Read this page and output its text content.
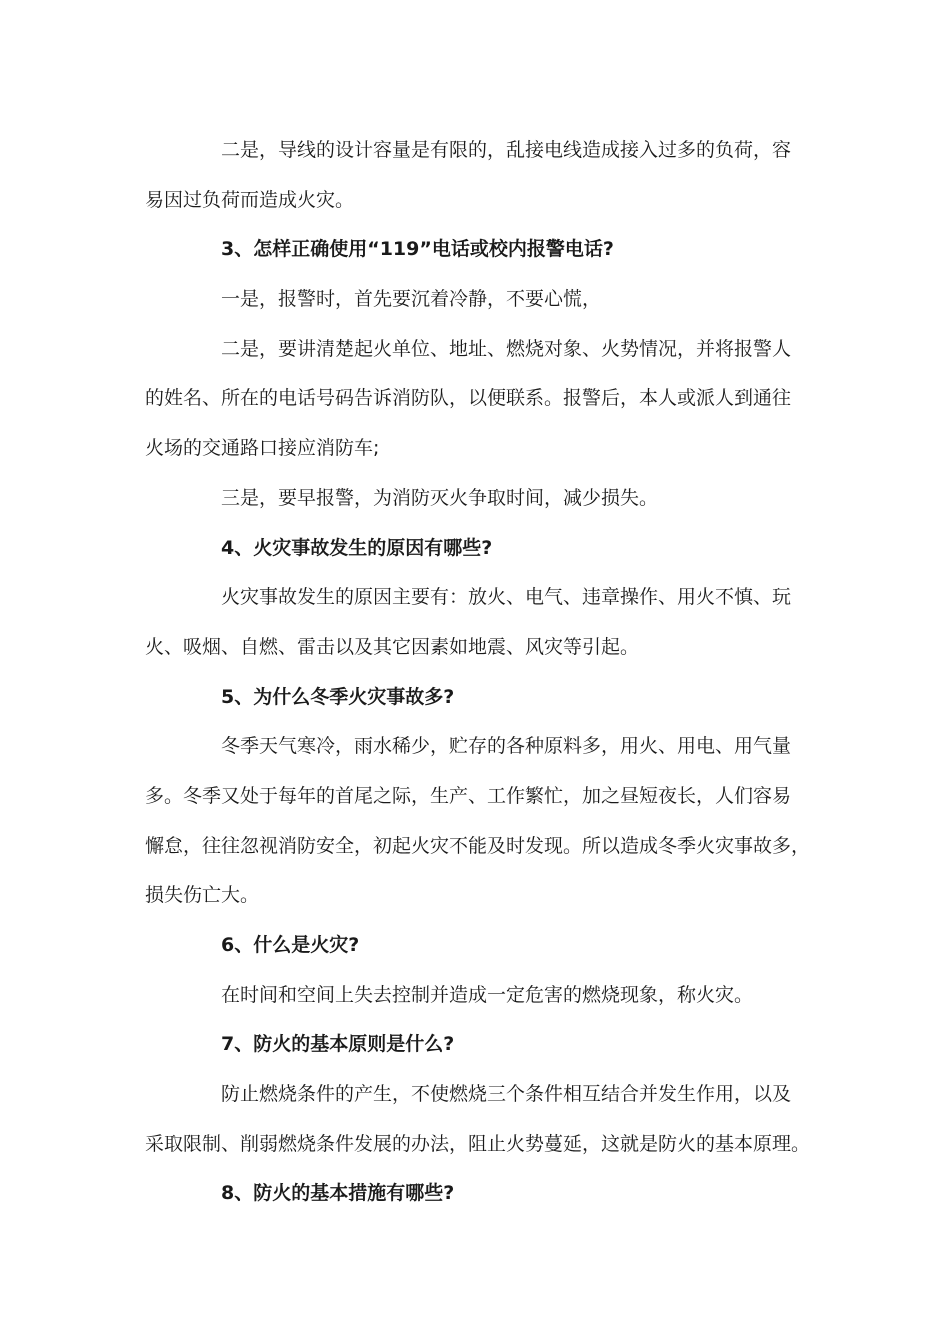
二是，导线的设计容量是有限的，乱接电线造成接入过多的负荷，容
易因过负荷而造成火灾。
3、怎样正确使用“119”电话或校内报警电话?
一是，报警时，首先要沉着冷静，不要心慌，
二是，要讲清楚起火单位、地址、燃烧对象、火势情况，并将报警人
的姓名、所在的电话号码告诉消防队，以便联系。报警后，本人或派人到通往
火场的交通路口接应消防车;
三是，要早报警，为消防灭火争取时间，减少损失。
4、火灾事故发生的原因有哪些?
火灾事故发生的原因主要有：放火、电气、违章操作、用火不慎、玩
火、吸烟、自燃、雷击以及其它因素如地震、风灾等引起。
5、为什么冬季火灾事故多?
冬季天气寒冷，雨水稀少，贮存的各种原料多，用火、用电、用气量
多。冬季又处于每年的首尾之际，生产、工作繁忙，加之昼短夜长，人们容易
懈怠，往往忽视消防安全，初起火灾不能及时发现。所以造成冬季火灾事故多，
损失伤亡大。
6、什么是火灾?
在时间和空间上失去控制并造成一定危害的燃烧现象，称火灾。
7、防火的基本原则是什么?
防止燃烧条件的产生，不使燃烧三个条件相互结合并发生作用，以及
采取限制、削弱燃烧条件发展的办法，阻止火势蔓延，这就是防火的基本原理。
8、防火的基本措施有哪些?
